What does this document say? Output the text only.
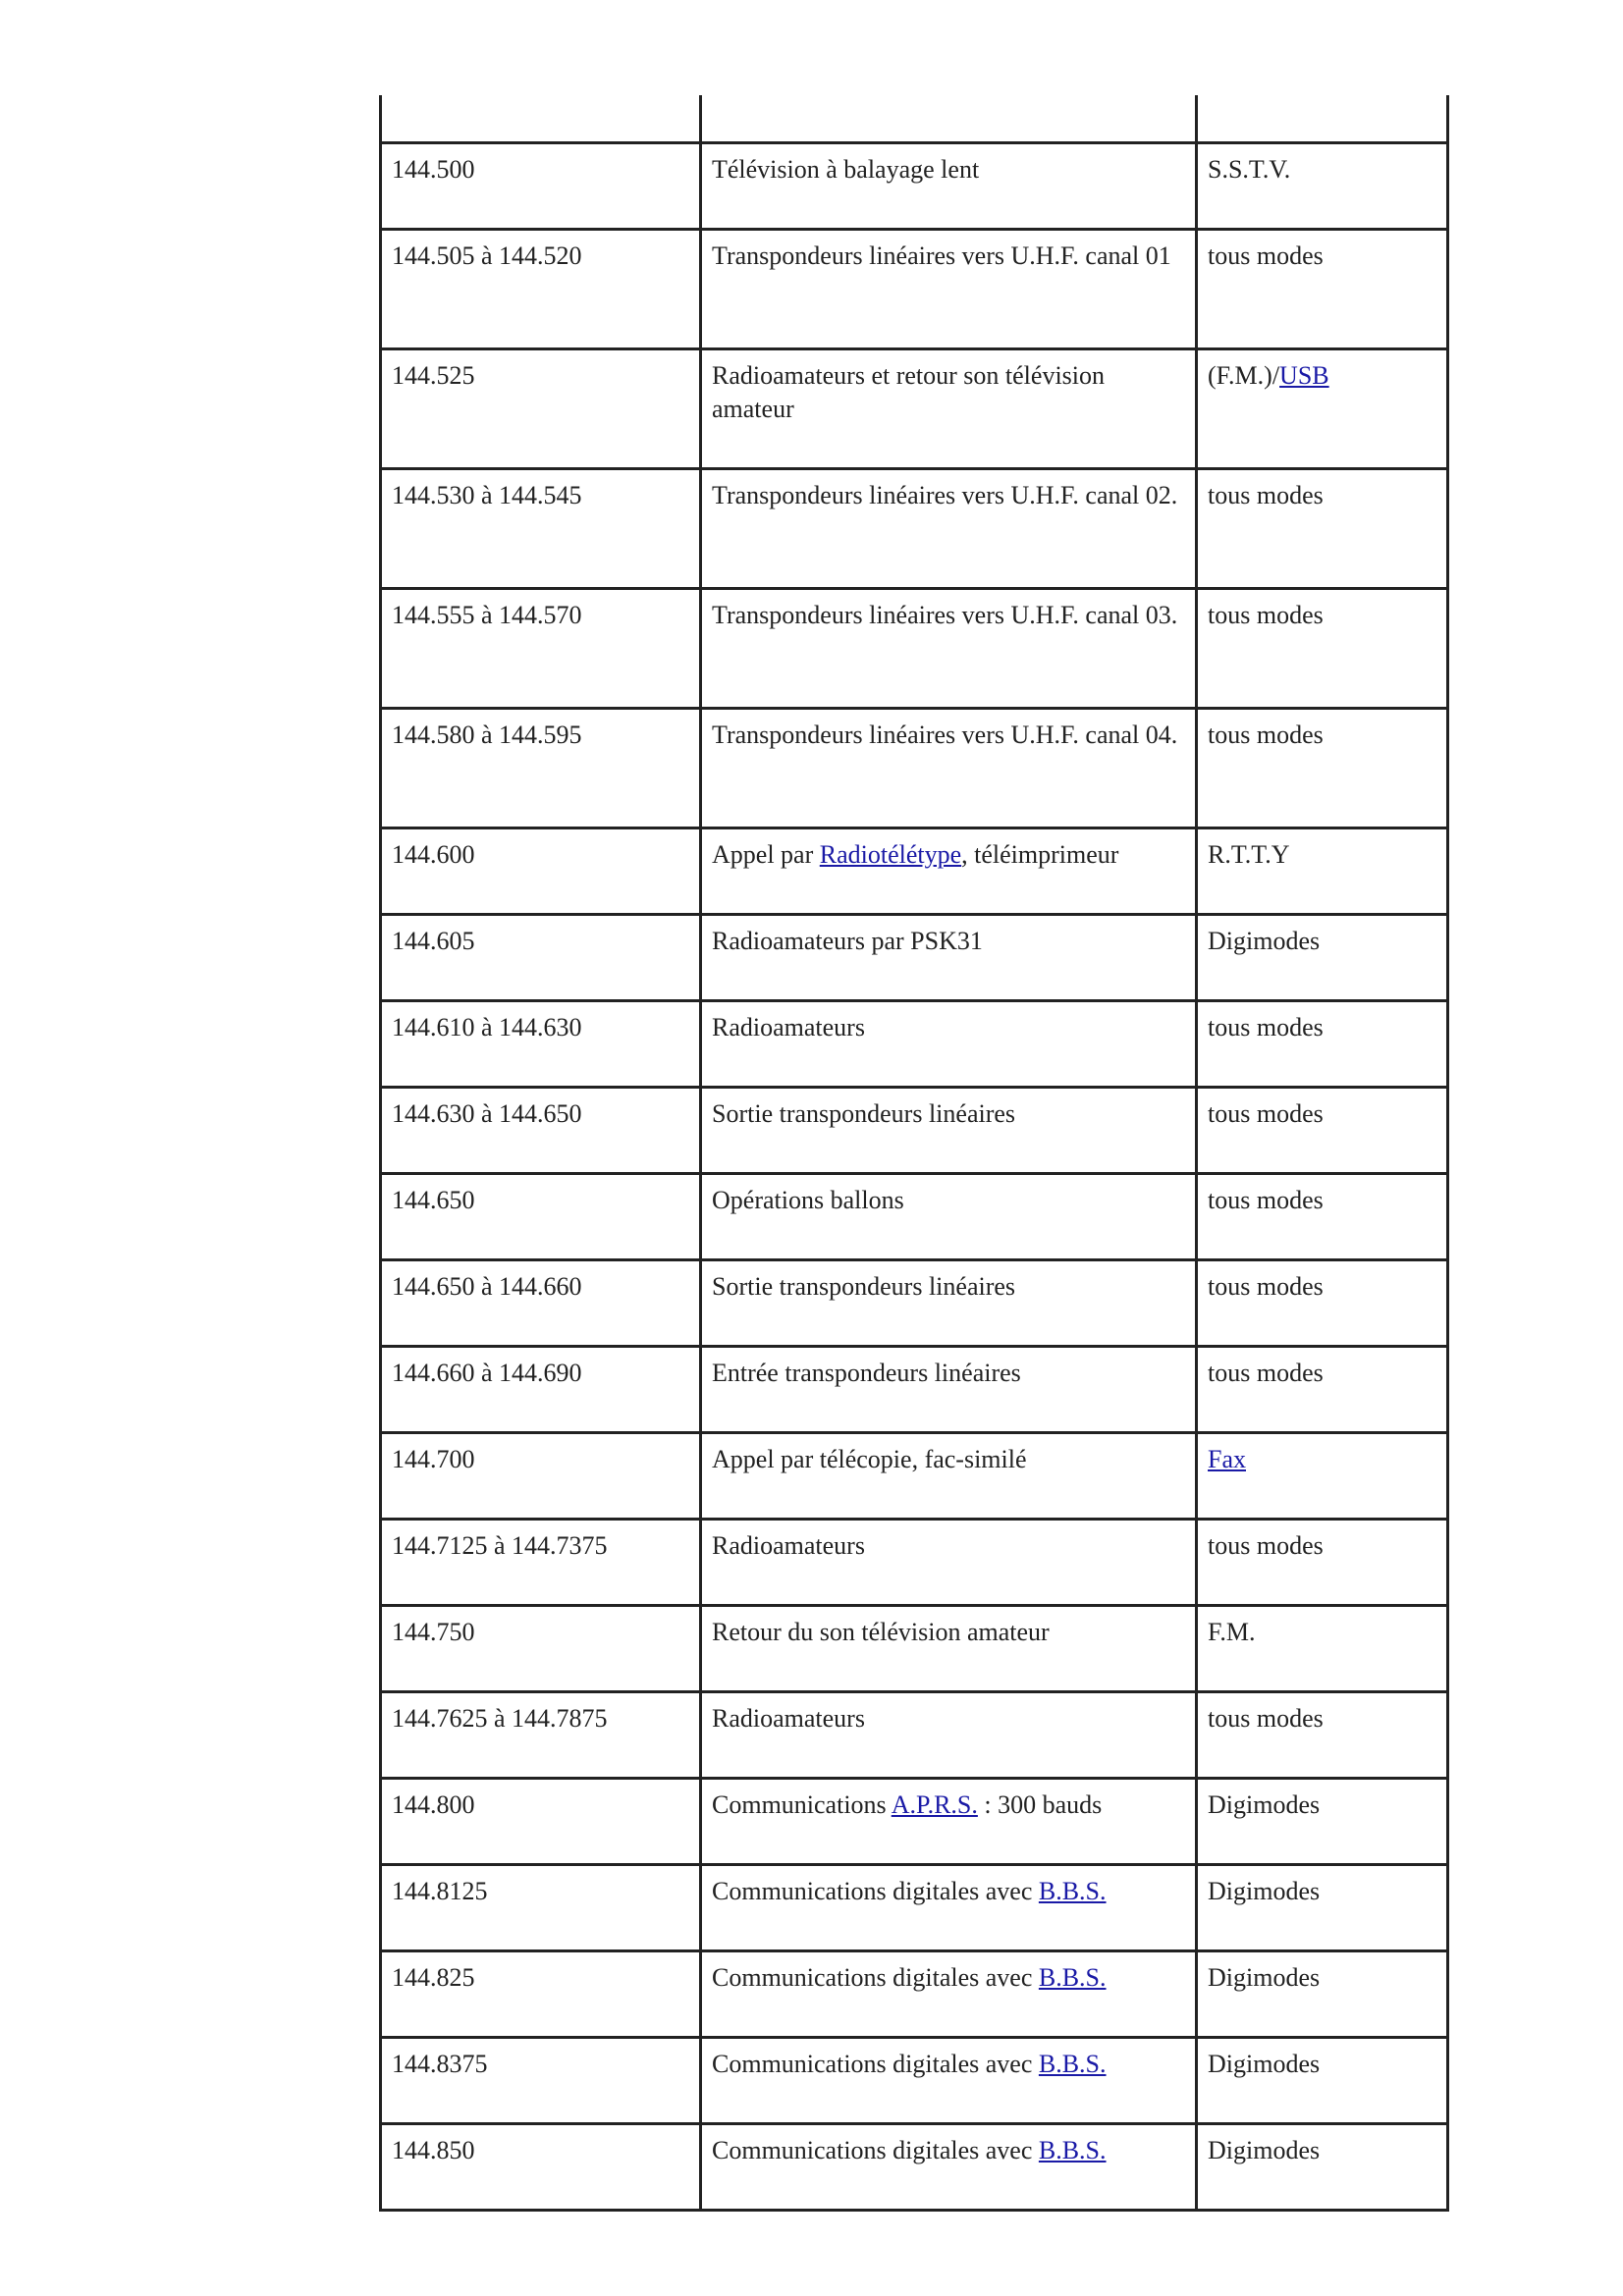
144.500	Télévision à balayage lent	S.S.T.V.
144.505 à 144.520	Transpondeurs linéaires vers U.H.F. canal 01	tous modes
144.525	Radioamateurs et retour son télévision amateur	(F.M.)/USB
144.530 à 144.545	Transpondeurs linéaires vers U.H.F. canal 02.	tous modes
144.555 à 144.570	Transpondeurs linéaires vers U.H.F. canal 03.	tous modes
144.580 à 144.595	Transpondeurs linéaires vers U.H.F. canal 04.	tous modes
144.600	Appel par Radiotélétype, téléimprimeur	R.T.T.Y
144.605	Radioamateurs par PSK31	Digimodes
144.610 à 144.630	Radioamateurs	tous modes
144.630 à 144.650	Sortie transpondeurs linéaires	tous modes
144.650	Opérations ballons	tous modes
144.650 à 144.660	Sortie transpondeurs linéaires	tous modes
144.660 à 144.690	Entrée transpondeurs linéaires	tous modes
144.700	Appel par télécopie, fac-similé	Fax
144.7125 à 144.7375	Radioamateurs	tous modes
144.750	Retour du son télévision amateur	F.M.
144.7625 à 144.7875	Radioamateurs	tous modes
144.800	Communications A.P.R.S. : 300 bauds	Digimodes
144.8125	Communications digitales avec B.B.S.	Digimodes
144.825	Communications digitales avec B.B.S.	Digimodes
144.8375	Communications digitales avec B.B.S.	Digimodes
144.850	Communications digitales avec B.B.S.	Digimodes
